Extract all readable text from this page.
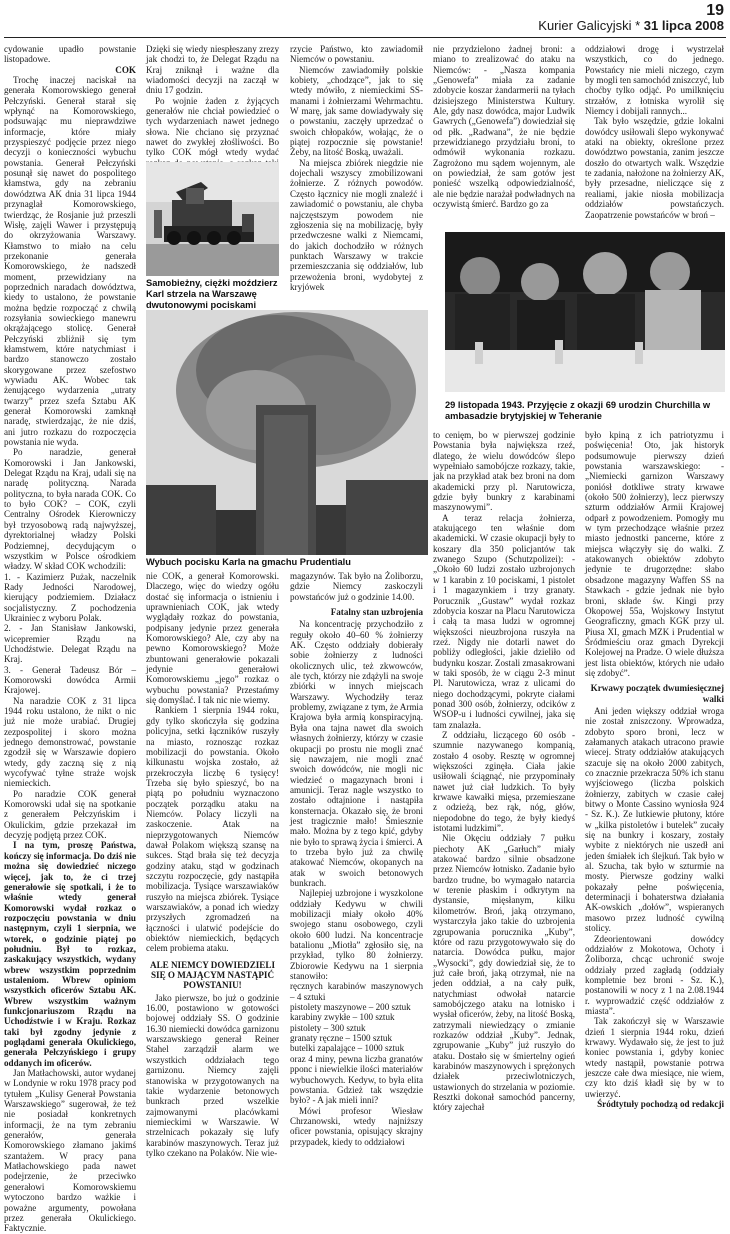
19
Kurier Galicyjski * 31 lipca 2008

cydowanie upadło powstanie listopadowe.

COK

Trochę inaczej naciskał na generała Komorowskiego generał Pełczyński. Generał starał się wpłynąć na Komorowskiego, podsuwając mu nieprawdziwe informacje, które miały przyspieszyć podjęcie przez niego decyzji o konieczności wybuchu powstania. Generał Pełczyński posunął się nawet do pospolitego kłamstwa, gdy na zebraniu dowództwa AK dnia 31 lipca 1944 przynaglał Komorowskiego, twierdząc, że Rosjanie już przeszli Wisłę, zajęli Wawer i przystępują do okrzyżowania Warszawy. Kłamstwo to miało na celu przekonanie generała Komorowskiego, że nadszedł moment, przewidziany na poprzednich naradach dowództwa, kiedy to ustalono, że powstanie można będzie rozpocząć z chwilą rozsyłania sowieckiego manewru okrążającego stolicę. Generał Pełczyński zbliżnił się tym kłamstwem, które natychmiast i bardzo stanowczo zostało skorygowane przez szefostwo wywiadu AK. Wobec tak żenującego wydarzenia „utraty twarzy” przez szefa Sztabu AK generał Komorowski zamknął naradę, stwierdzając, że nie dziś, ani jutro rozkazu do rozpoczęcia powstania nie wyda.

Po naradzie, generał Komorowski i Jan Jankowski, Delegat Rządu na Kraj, udali się na naradę polityczną. Narada polityczna, to była narada COK. Co to było COK? – COK, czyli Centralny Ośrodek Kierowniczy był trzyosobową radą najwyższej, dyrektorialnej władzy Polski Podziemnej, decydującym o wszystkim w Polsce ośrodkiem władzy. W skład COK wchodzili:

1. - Kazimierz Pużak, naczelnik Rady Jedności Narodowej, kierujący podziemiem. Działacz socjalistyczny. Z pochodzenia Ukrainiec z wyboru Polak.

2. - Jan Stanisław Jankowski, wicepremier Rządu na Uchodźstwie. Delegat Rządu na Kraj.

3. - Generał Tadeusz Bór – Komorowski dowódca Armii Krajowej.

Na naradzie COK z 31 lipca 1944 roku ustalono, że nikt o nic już nie może urabiać. Drugiej zezpospolitej i skoro można jednego demonstrować, powstanie zgodził się w Warszawie dopiero wtedy, gdy zaczną się z nią wycofywać tyłne straże wojsk niemieckich.

Po naradzie COK generał Komorowski udał się na spotkanie z generałem Pełczyńskim i Okulickim, gdzie przekazał im decyzję podjętą przez COK.

I na tym, proszę Państwa, kończy się informacja. Do dziś nie można się dowiedzieć niczego więcej, jak to, że ci trzej generałowie się spotkali, i że to właśnie wtedy generał Komorowski wydał rozkaz o rozpoczęciu powstania w dniu następnym, czyli 1 sierpnia, we wtorek, o godzinie piątej po południu. Był to rozkaz, zaskakujący wszystkich, wydany wbrew wszystkim poprzednim ustaleniom. Wbrew opiniom wszystkich oficerów Sztabu AK. Wbrew wszystkim ważnym funkcjonariuszom Rządu na Uchodźstwie i w Kraju. Rozkaz taki był zgodny jedynie z poglądami generała Okulickiego, generała Pełczyńskiego i grupy oddanych im oficerów.

Jan Matłachowski, autor wydanej w Londynie w roku 1978 pracy pod tytułem „Kulisy Generał Powstania Warszawskiego” sugerował, że też nie posiadał konkretnych informacji, że na tym zebraniu generałów, generała Komorowskiego złamano jakimś szantażem. W pracy pana Matłachowskiego pada nawet podejrzenie, że przeciwko generałowi Komorowskiemu wytoczono bardzo ważkie i poważne argumenty, powołana przez generała Okulickiego. Faktycznie.

Dzięki się wiedy niespłeszany zrezy jak chodzi to, że Delegat Rządu na Kraj zniknął i ważne dla wiadomości decyzji na zaczął w dniu 17 godzin.

Po wojnie żaden z żyjących generałów nie chciał powiedzieć o tych wydarzeniach nawet jednego słowa. Nie chciano się przyznać nawet do zwykłej złośliwości. Bo tylko COK mógł wtedy wydać

Samobieżny, ciężki moździerz Karl strzela na Warszawę dwutonowymi pociskami
Wybuch pocisku Karla na gmachu Prudentialu

nie COK, a generał Komorowski. Dlaczego, więc do wiedzy ogółu dostać się informacja o istnieniu i uprawnieniach COK, jak wtedy wyglądały rozkaz do powstania, podpisany jedynie przez generała Komorowskiego? Ale, czy aby na pewno Komorowskiego? Może zbuntowani generałowie pokazali jedynie generałowi Komorowskiemu „jego” rozkaz o wybuchu powstania? Przestańmy się domyślać. I tak nic nie wiemy.

Rankiem 1 sierpnia 1944 roku, gdy tylko skończyła się godzina policyjna, setki łączników ruszyły na miasto, roznosząc rozkaz mobilizacji do powstania. Około kilkunastu wojska zostało, aż przekroczyła liczbę 6 tysięcy! Trzeba się było spieszyć, bo na piątą po południu wyznaczono początek porządku ataku na Niemców. Polacy liczyli na zaskoczenie. Atak na nieprzygotowanych Niemców dawał Polakom większą szansę na sukces. Stąd brała się też decyzja godziny ataku, stąd w godzinach szczytu rozpoczęcie, gdy nastąpiła mobilizacja. Tysiące warszawiaków ruszyło na miejsca zbiórek. Tysiące warszawiaków, a ponad ich wiedzy przyszłych zgromadzeń na łączności i ulatwić podejście do obiektów niemieckich, będących celem probiema ataku.

ALE NIEMCY DOWIEDZIELI SIĘ O MAJĄCYM NASTĄPIĆ POWSTANIU!

Jako pierwsze, bo już o godzinie 16.00, postawiono w gotowości bojowej oddziały SS. O godzinie 16.30 niemiecki dowódca garnizonu warszawskiego generał Reiner Stahel zarządził alarm we wszystkich oddziałach tego garnizonu. Niemcy zajęli stanowiska w przygotowanych na takie wydarzenie betonowych bunkrach przed wszelkie zajmowanymi placówkami niemieckimi w Warszawie. W strzelnicach pokazały się lufy karabinów maszynowych. Teraz już tylko czekano na Polaków. Nie wie-

rzycie Państwo, kto zawiadomił Niemców o powstaniu.

Niemców zawiadomiły polskie kobiety, „chodzące”, jak to się wtedy mówiło, z niemieckimi SS-manami i żołnierzami Wehrmachtu. W marę, jak same dowiadywały się o powstaniu, zaczęły uprzedzać o swoich chłopaków, wołając, że o piątej rozpocznie się powstanie! Żeby, na litość Boską, uważali.

Na miejsca zbiórek niegdzie nie dojechali wszyscy zmobilizowani żołnierze. Z różnych powodów. Często łącznicy nie mogli znaleźć i zawiadomić o powstaniu, ale chyba najczęstszym powodem nie zgłoszenia się na mobilizację, były przedwczesne walki z Niemcami, do jakich dochodziło w różnych punktach Warszawy w trakcie przemieszczania się oddziałów, lub przewożenia broni, wydobytej z kryjówek

magazynów. Tak było na Żoliborzu, gdzie Niemcy zaskoczyli powstańców już o godzinie 14.00.

Fatalny stan uzbrojenia

Na koncentrację przychodziło z reguły około 40–60 % żołnierzy AK. Często oddziały dobierały sobie żołnierzy z ludności okolicznych ulic, też zkwowców, ale tych, którzy nie zdążyli na swoje zbiórki w innych miejscach Warszawy. Wychodziły teraz problemy, związane z tym, że Armia Krajowa była armią konspiracyjną. Była ona tajna nawet dla swoich własnych żołnierzy, którzy w czasie okupacji po prostu nie mogli znać się nawzajem, nie mogli znać swoich dowódców, nie mogli nic wiedzieć o magazynach broni i amunicji. Teraz nagle wszystko to zostało odtajnione i nastąpiła konsternacja. Okazało się, że broni jest tragicznie mało! Śmiesznie mało. Można by z tego kpić, gdyby nie było to sprawą życia i śmierci. A to trzeba było już za chwilę atakować Niemców, okopanych na atak w swoich betonowych bunkrach.

Najlepiej uzbrojone i wyszkolone oddziały Kedywu w chwili mobilizacji miały około 40% swojego stanu osobowego, czyli około 600 ludzi. Na koncentracje batalionu „Miotła” zgłosiło się, na przykład, tylko 80 żołnierzy. Zbiorowie Kedywu na 1 sierpnia stanowiło:

ręcznych karabinów maszynowych – 4 sztuki

pistolety maszynowe – 200 sztuk

karabiny zwykłe – 100 sztuk

pistolety – 300 sztuk

granaty ręczne – 1500 sztuk

butelki zapalające – 1000 sztuk

oraz 4 miny, pewna liczba granatów pponc i niewielkie ilości materiałów wybuchowych. Kedyw, to była elita powstania. Gdzież tak wszędzie było? - A jak mieli inni?

Mówi profesor Wiesław Chrzanowski, wtedy najniższy oficer powstania, opisujący skrajny przypadek, kiedy to oddziałowi

nie przydzielono żadnej broni: a miano to zrealizować do ataku na Niemców: - „Nasza kompania „Genowefa” miała za zadanie zdobycie koszar żandarmerii na tyłach dzisiejszego Ministerstwa Kultury. Ale, gdy nasz dowódca, major Ludwik Gawrych („Genowefa”) dowiedział się od płk. „Radwana”, że nie będzie przewidzianego przydziału broni, to odmówił wykonania rozkazu. Zagrożono mu sądem wojennym, ale on powiedział, że sam gotów jest ponieść wszelką odpowiedzialność, ale nie będzie narażał podwładnych na oczywistą śmierć. Bardzo go za

oddziałowi drogę i wystrzelał wszystkich, co do jednego. Powstańcy nie mieli niczego, czym by mogli ten samochód zniszczyć, lub choćby tylko odjąć. Po umilknięciu strzałów, z łotniska wyrolił się Niemcy i dobijali rannych...

Tak było wszędzie, gdzie lokalni dowódcy usiłowali ślepo wykonywać ataki na obiekty, określone przez dowództwo powstania, zanim jeszcze doszło do otwartych walk. Wszędzie te zadania, nałożone na żołnierzy AK, były przesadne, nieliczące się z realiami, jakie niosła mobilizacja oddziałów powstańczych. Zaopatrzenie powstańców w broń –

29 listopada 1943. Przyjęcie z okazji 69 urodzin Churchilla w ambasadzie brytyjskiej w Teheranie

to cenięm, bo w pierwszej godzinie Powstania była największa rzeź, dlatego, że wielu dowódców ślepo wypełniało samobójcze rozkazy, takie, jak na przykład atak bez broni na dom akademicki przy pl. Narutowicza, gdzie były bunkry z karabinami maszynowymi”.

A teraz relacja żołnierza, atakującego ten właśnie dom akademicki. W czasie okupacji były to koszary dla 350 policjantów tak zwanego Szupo (Schutzpolizei): -„Około 60 ludzi zostało uzbrojonych w 1 karabin z 10 pociskami, 1 pistolet i 1 magazynkiem i trzy granaty. Porucznik „Gustaw” wydał rozkaz zdobycia koszar na Placu Narutowicza i całą ta masa ludzi w ogromnej większości nieuzbrojona ruszyła na rzeź. Nigdy nie dotarli nawet do pobliży odległości, jakie dzieliło od budynku koszar. Zostali zmasakrowani w taki sposób, że w ciągu 2-3 minut Pl. Narutowicza, wraz z ulicami do niego dochodzącymi, pokryte ciałami ponad 300 osób, żołnierzy, odcików z WSOP-u i ludności cywilnej, jaka się tam znalazła.

Z oddziału, liczącego 60 osób - szumnie nazywanego kompanią, zostało 4 osoby. Resztę w ogromnej większości zginęła. Ciała jakie usiłowali ściągnąć, nie przypominały nawet już ciał ludzkich. To były krwawe kawałki mięsa, przemieszane z odzieżą, bez rąk, nóg, głów, niepodobne do tego, że były kiedyś istotami ludzkimi”.

Nie Okęciu oddziały 7 pułku piechoty AK „Garłuch” miały atakować bardzo silnie obsadzone przez Niemców łotnisko. Zadanie było bardzo trudne, bo wymagało natarcia w terenie płaskim i odkrytym na dystansie, mięsłanym, kilku kilometrów. Broń, jaką otrzymano, wystarczyła jako takie do uzbrojenia zgrupowania porucznika „Kuby”, które od razu przygotowywało się do natarcia. Dowódca pułku, major „Wysocki”, gdy dowiedział się, że to już całe broń, jaką otrzymał, nie na jeden oddział, a na cały pułk, natychmiast odwołał natarcie samobójczego ataku na lotnisko i wysłał oficerów, żeby, na litość Boską, zatrzymali niewiedzący o zmianie rozkazów oddział „Kuby”. Jednak, zgrupowanie „Kuby” już ruszyło do ataku. Dostało się w śmiertelny ogień karabinów maszynowych i sprężonych działek przeciwlotniczych, ustawionych do strzelania w poziomie. Resztki dokonał samochód pancerny, który zajechał

było kpiną z ich patriotyzmu i poświęcenia! Oto, jak historyk podsumowuje pierwszy dzień powstania warszawskiego: - „Niemiecki garnizon Warszawy poniósł dotkliwe straty krwawe (około 500 żołnierzy), lecz pierwszy szturm oddziałów Armii Krajowej odparł z powodzeniem. Pomogły mu w tym przechodzące właśnie przez miasto jednostki pancerne, które z miejsca włączyły się do walki. Z atakowanych obiektów zdobyto jedynie te drugorzędne: słabo obsadzone magazyny Waffen SS na Stawkach - gdzie jednak nie było broni, składe św. Kingi przy Okopowej 55a, Wojskowy Instytut Geograficzny, gmach KGK przy ul. Piusa XI, gmach MZK i Prudential w Śródmieściu oraz gmach Dyrekcji Kolejowej na Pradze. O wiele dłuższa jest lista obiektów, których nie udało się zdobyć”.

Krwawy początek dwumiesięcznej walki

Ani jeden większy oddział wroga nie został zniszczony. Wprowadza, zdobyto sporo broni, lecz w załamanych atakach utracono prawie wiecej. Straty oddziałów atakujących szacuje się na około 2000 zabitych, co znacznie przekracza 50% ich stanu wyjściowego (liczba polskich żołnierzy, zabitych w czasie całej bitwy o Monte Cassino wyniosła 924 - Sz. K.). Ze lutkiewie płutony, które w „kilka pistoletów i butelek” zucały się na bunkry i koszary, zostały wybite z niektórych nie uszedł ani jeden śmiałek ich ślejkuń. Tak było w al. Szucha, tak było w szturmie na mosty. Pierwsze godziny walki pokazały pełne poświęcenia, determinacji i bohaterstwa działania AK-owskich „dołów”, wspieranych masowo przez ludność cywilną stolicy.

Zdeorientowani dowódcy oddziałów z Mokotowa, Ochoty i Żoliborza, chcąc uchronić swoje oddziały przed zagładą (oddziały kompletnie bez broni - Sz. K.), postanowili w nocy z 1 na 2.08.1944 r. wyprowadzić część oddziałów z miasta”.

Tak zakończył się w Warszawie dzień 1 sierpnia 1944 roku, dzień krwawy. Wydawało się, że jest to już koniec powstania i, gdyby koniec wtedy nastąpił, powstanie potrwa jeszcze całe dwa miesiące, nie wiem, czy kto dziś kładł się by w to uwierzyć.

Śródtytuły pochodzą od redakcji
